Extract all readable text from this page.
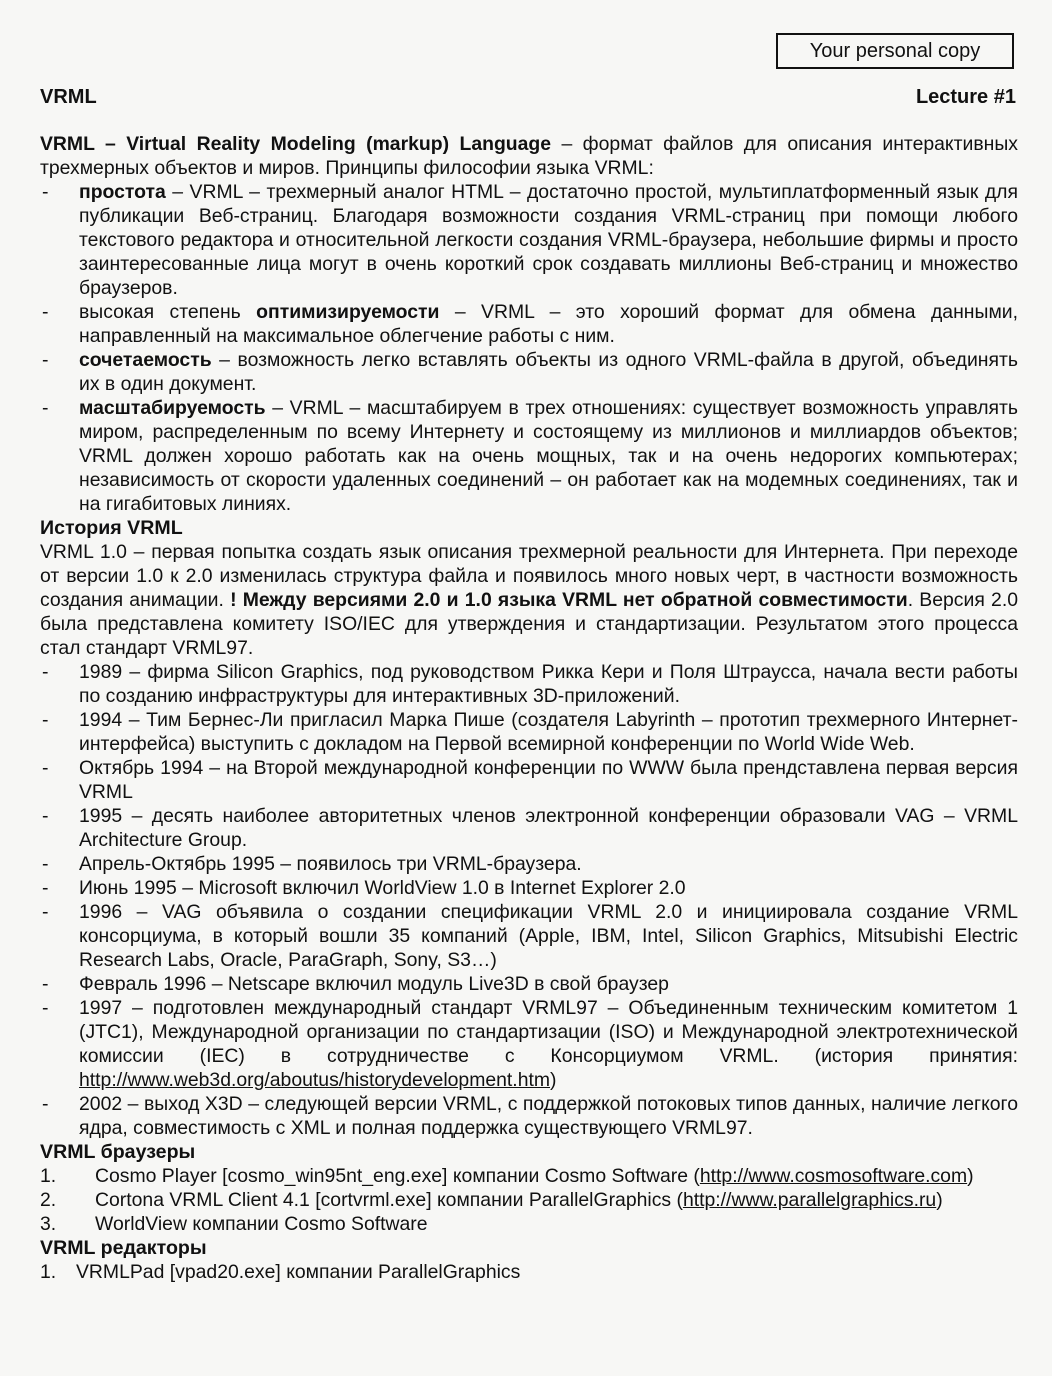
Your personal copy
VRML	Lecture #1

VRML – Virtual Reality Modeling (markup) Language – формат файлов для описания интерактивных трехмерных объектов и миров. Принципы философии языка VRML:

- простота – VRML – трехмерный аналог HTML – достаточно простой, мультиплатформенный язык для публикации Веб-страниц. Благодаря возможности создания VRML-страниц при помощи любого текстового редактора и относительной легкости создания VRML-браузера, небольшие фирмы и просто заинтересованные лица могут в очень короткий срок создавать миллионы Веб-страниц и множество браузеров.
- высокая степень оптимизируемости – VRML – это хороший формат для обмена данными, направленный на максимальное облегчение работы с ним.
- сочетаемость – возможность легко вставлять объекты из одного VRML-файла в другой, объединять их в один документ.
- масштабируемость – VRML – масштабируем в трех отношениях: существует возможность управлять миром, распределенным по всему Интернету и состоящему из миллионов и миллиардов объектов; VRML должен хорошо работать как на очень мощных, так и на очень недорогих компьютерах; независимость от скорости удаленных соединений – он работает как на модемных соединениях, так и на гигабитовых линиях.

История VRML

VRML 1.0 – первая попытка создать язык описания трехмерной реальности для Интернета. При переходе от версии 1.0 к 2.0 изменилась структура файла и появилось много новых черт, в частности возможность создания анимации. ! Между версиями 2.0 и 1.0 языка VRML нет обратной совместимости. Версия 2.0 была представлена комитету ISO/IEC для утверждения и стандартизации. Результатом этого процесса стал стандарт VRML97.

- 1989 – фирма Silicon Graphics, под руководством Рикка Кери и Поля Штраусса, начала вести работы по созданию инфраструктуры для интерактивных 3D-приложений.
- 1994 – Тим Бернес-Ли пригласил Марка Пише (создателя Labyrinth – прототип трехмерного Интернет-интерфейса) выступить с докладом на Первой всемирной конференции по World Wide Web.
- Октябрь 1994 – на Второй международной конференции по WWW была прендставлена первая версия VRML
- 1995 – десять наиболее авторитетных членов электронной конференции образовали VAG – VRML Architecture Group.
- Апрель-Октябрь 1995 – появилось три VRML-браузера.
- Июнь 1995 – Microsoft включил WorldView 1.0 в Internet Explorer 2.0
- 1996 – VAG объявила о создании спецификации VRML 2.0 и инициировала создание VRML консорциума, в который вошли 35 компаний (Apple, IBM, Intel, Silicon Graphics, Mitsubishi Electric Research Labs, Oracle, ParaGraph, Sony, S3…)
- Февраль 1996 – Netscape включил модуль Live3D в свой браузер
- 1997 – подготовлен международный стандарт VRML97 – Объединенным техническим комитетом 1 (JTC1), Международной организации по стандартизации (ISO) и Международной электротехнической комиссии (IEC) в сотрудничестве с Консорциумом VRML. (история принятия: http://www.web3d.org/aboutus/historydevelopment.htm)
- 2002 – выход X3D – следующей версии VRML, с поддержкой потоковых типов данных, наличие легкого ядра, совместимость с XML и полная поддержка существующего VRML97.

VRML браузеры

1. Cosmo Player [cosmo_win95nt_eng.exe] компании Cosmo Software (http://www.cosmosoftware.com)
2. Cortona VRML Client 4.1 [cortvrml.exe] компании ParallelGraphics (http://www.parallelgraphics.ru)
3. WorldView компании Cosmo Software

VRML редакторы

1. VRMLPad [vpad20.exe] компании ParallelGraphics
